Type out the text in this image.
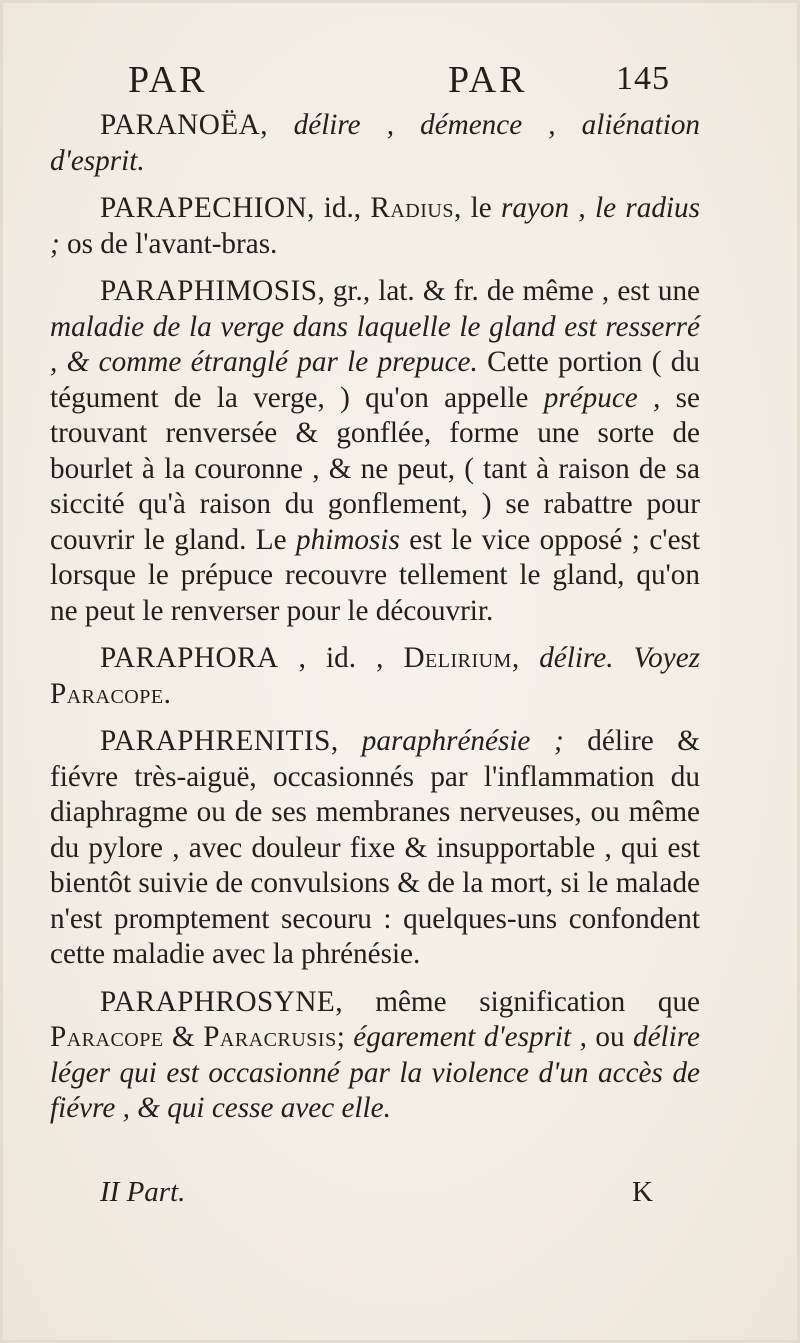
PAR	PAR	145

PARANOËA, délire , démence , aliénation d'esprit.

PARAPECHION, id., Radius, le rayon , le radius ; os de l'avant-bras.

PARAPHIMOSIS, gr., lat. & fr. de même , est une maladie de la verge dans laquelle le gland est resserré , & comme étranglé par le prepuce. Cette portion ( du tégument de la verge, ) qu'on appelle prépuce , se trouvant renversée & gonflée, forme une sorte de bourlet à la couronne , & ne peut, ( tant à raison de sa siccité qu'à raison du gonflement, ) se rabattre pour couvrir le gland. Le phimosis est le vice opposé ; c'est lorsque le prépuce recouvre tellement le gland, qu'on ne peut le renverser pour le découvrir.

PARAPHORA , id. , Delirium, délire. Voyez Paracope.

PARAPHRENITIS, paraphrénésie ; délire & fiévre très-aiguë, occasionnés par l'inflammation du diaphragme ou de ses membranes nerveuses, ou même du pylore , avec douleur fixe & insupportable , qui est bientôt suivie de convulsions & de la mort, si le malade n'est promptement secouru : quelques-uns confondent cette maladie avec la phrénésie.

PARAPHROSYNE, même signification que Paracope & Paracrusis; égarement d'esprit , ou délire léger qui est occasionné par la violence d'un accès de fiévre , & qui cesse avec elle.

II Part.	K
